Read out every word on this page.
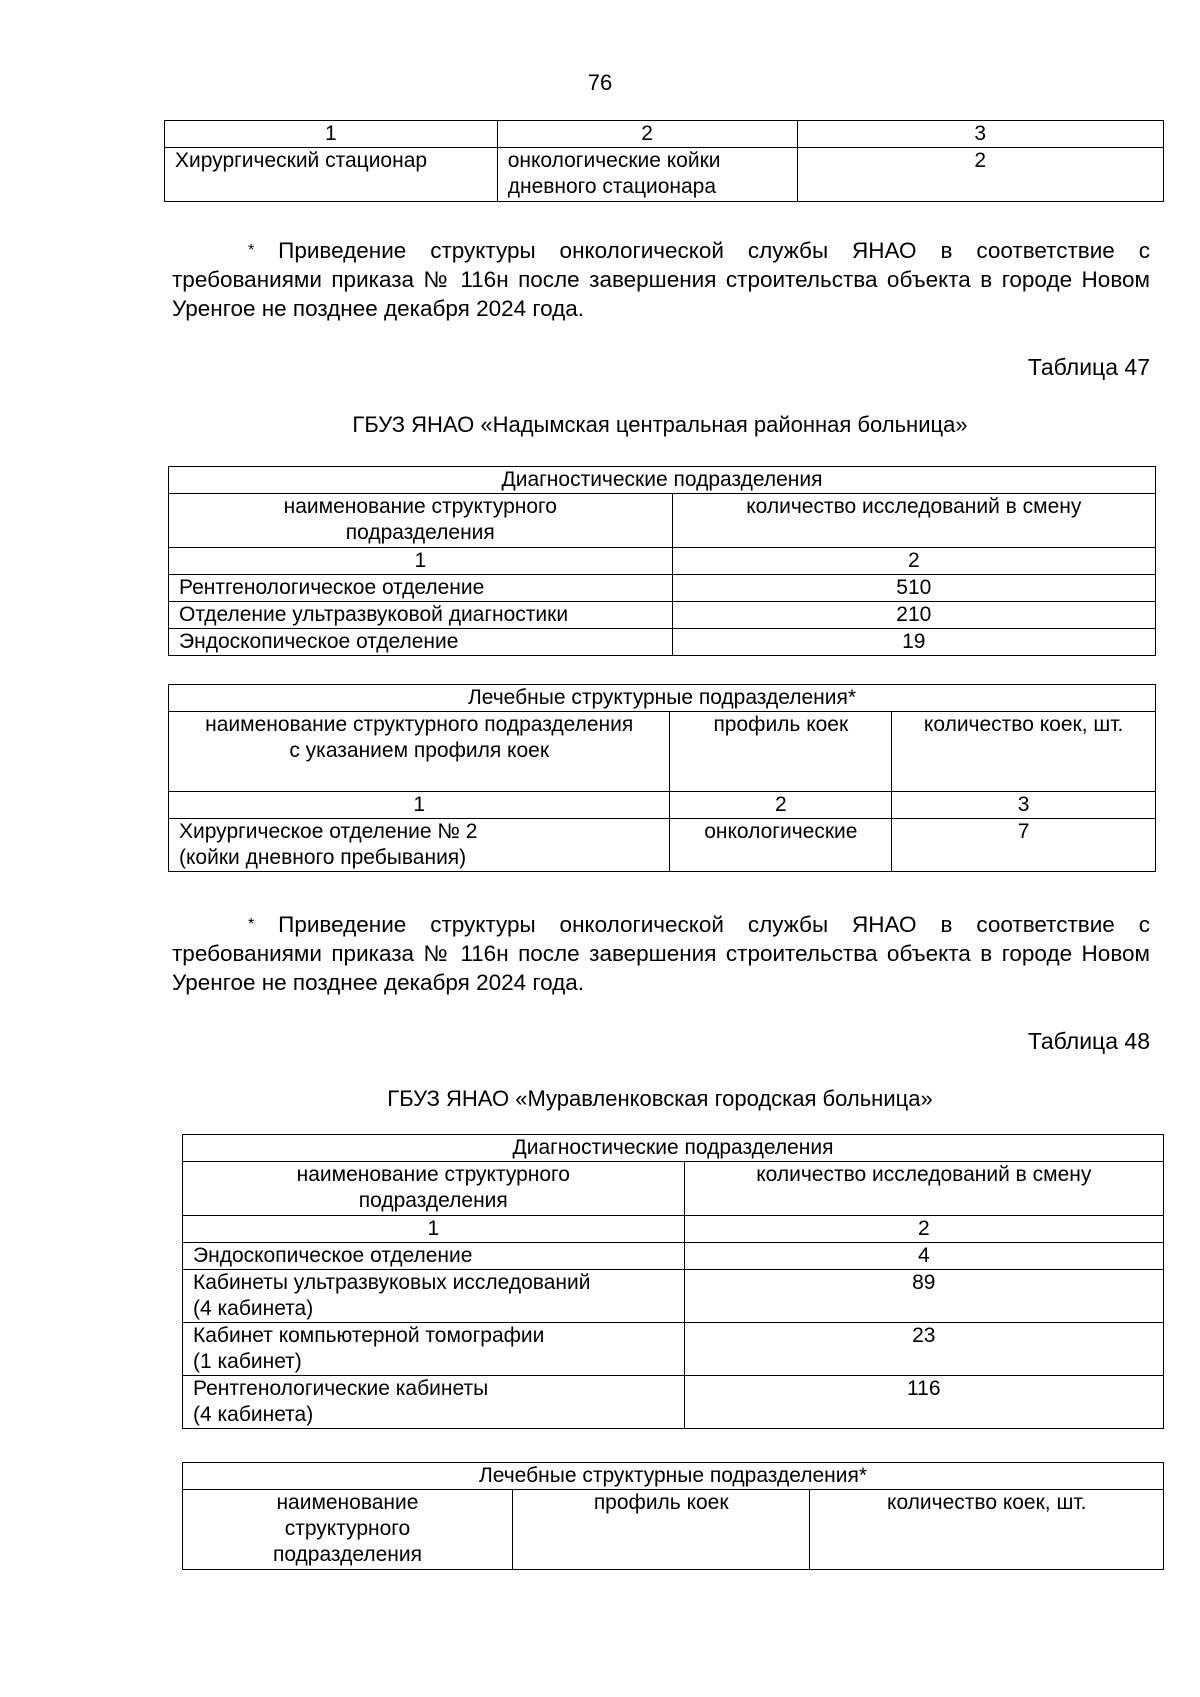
76
1	2	3
Хирургический стационар	онкологические койки дневного стационара	2
* Приведение структуры онкологической службы ЯНАО в соответствие с требованиями приказа № 116н после завершения строительства объекта в городе Новом Уренгое не позднее декабря 2024 года.
Таблица 47
ГБУЗ ЯНАО «Надымская центральная районная больница»
Диагностические подразделения	
наименование структурного подразделения	количество исследований в смену
1	2
Рентгенологическое отделение	510
Отделение ультразвуковой диагностики	210
Эндоскопическое отделение	19
Лечебные структурные подразделения*		
наименование структурного подразделения с указанием профиля коек	профиль коек	количество коек, шт.
1	2	3

Хирургическое отделение № 2
(койки дневного пребывания)	онкологические	7
* Приведение структуры онкологической службы ЯНАО в соответствие с требованиями приказа № 116н после завершения строительства объекта в городе Новом Уренгое не позднее декабря 2024 года.
Таблица 48
ГБУЗ ЯНАО «Муравленковская городская больница»
Диагностические подразделения	
наименование структурного подразделения	количество исследований в смену
1	2
Эндоскопическое отделение	4

Кабинеты ультразвуковых исследований
(4 кабинета)	89

Кабинет компьютерной томографии
(1 кабинет)	23

Рентгенологические кабинеты
(4 кабинета)	116
Лечебные структурные подразделения*
наименование структурного подразделения	профиль коек	количество коек, шт.
